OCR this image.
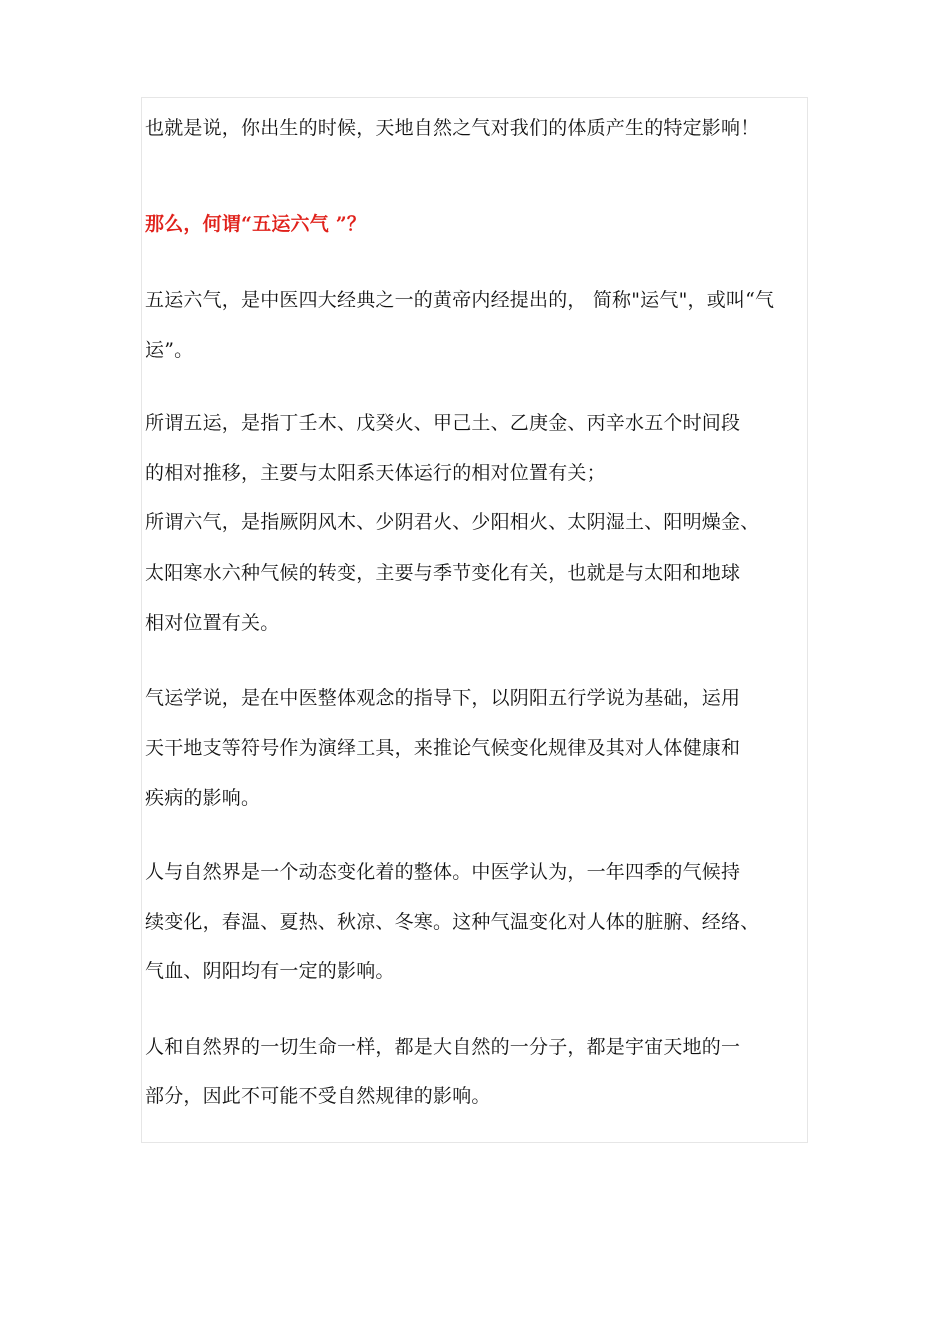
也就是说，你出生的时候，天地自然之气对我们的体质产生的特定影响！
那么，何谓“五运六气 ”？
五运六气，是中医四大经典之一的黄帝内经提出的， 简称"运气"，或叫“气
运”。
所谓五运，是指丁壬木、戊癸火、甲己土、乙庚金、丙辛水五个时间段
的相对推移，主要与太阳系天体运行的相对位置有关；
所谓六气，是指厥阴风木、少阴君火、少阳相火、太阴湿土、阳明燥金、
太阳寒水六种气候的转变，主要与季节变化有关，也就是与太阳和地球
相对位置有关。
气运学说，是在中医整体观念的指导下，以阴阳五行学说为基础，运用
天干地支等符号作为演绎工具，来推论气候变化规律及其对人体健康和
疾病的影响。
人与自然界是一个动态变化着的整体。中医学认为，一年四季的气候持
续变化，春温、夏热、秋凉、冬寒。这种气温变化对人体的脏腑、经络、
气血、阴阳均有一定的影响。
人和自然界的一切生命一样，都是大自然的一分子，都是宇宙天地的一
部分，因此不可能不受自然规律的影响。
